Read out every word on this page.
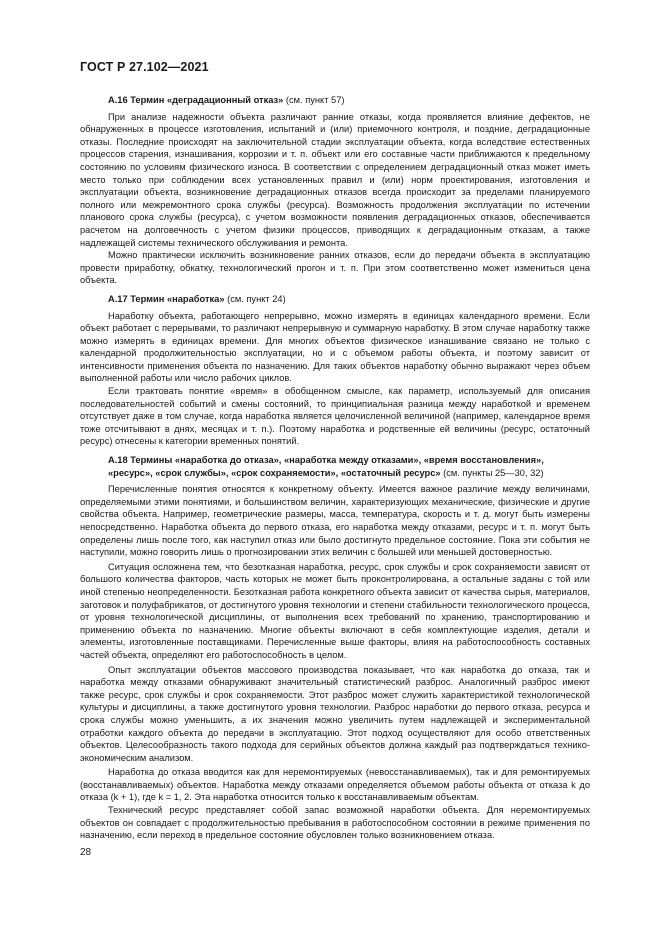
ГОСТ Р 27.102—2021
А.16 Термин «деградационный отказ» (см. пункт 57)

При анализе надежности объекта различают ранние отказы, когда проявляется влияние дефектов, не обнаруженных в процессе изготовления, испытаний и (или) приемочного контроля, и поздние, деградационные отказы. Последние происходят на заключительной стадии эксплуатации объекта, когда вследствие естественных процессов старения, изнашивания, коррозии и т. п. объект или его составные части приближаются к предельному состоянию по условиям физического износа. В соответствии с определением деградационный отказ может иметь место только при соблюдении всех установленных правил и (или) норм проектирования, изготовления и эксплуатации объекта, возникновение деградационных отказов всегда происходит за пределами планируемого полного или межремонтного срока службы (ресурса). Возможность продолжения эксплуатации по истечении планового срока службы (ресурса), с учетом возможности появления деградационных отказов, обеспечивается расчетом на долговечность с учетом физики процессов, приводящих к деградационным отказам, а также надлежащей системы технического обслуживания и ремонта.

Можно практически исключить возникновение ранних отказов, если до передачи объекта в эксплуатацию провести приработку, обкатку, технологический прогон и т. п. При этом соответственно может измениться цена объекта.

А.17 Термин «наработка» (см. пункт 24)

Наработку объекта, работающего непрерывно, можно измерять в единицах календарного времени. Если объект работает с перерывами, то различают непрерывную и суммарную наработку. В этом случае наработку также можно измерять в единицах времени. Для многих объектов физическое изнашивание связано не только с календарной продолжительностью эксплуатации, но и с объемом работы объекта, и поэтому зависит от интенсивности применения объекта по назначению. Для таких объектов наработку обычно выражают через объем выполненной работы или число рабочих циклов.

Если трактовать понятие «время» в обобщенном смысле, как параметр, используемый для описания последовательностей событий и смены состояний, то принципиальная разница между наработкой и временем отсутствует даже в том случае, когда наработка является целочисленной величиной (например, календарное время тоже отсчитывают в днях, месяцах и т. п.). Поэтому наработка и родственные ей величины (ресурс, остаточный ресурс) отнесены к категории временных понятий.

А.18 Термины «наработка до отказа», «наработка между отказами», «время восстановления», «ресурс», «срок службы», «срок сохраняемости», «остаточный ресурс» (см. пункты 25—30, 32)

Перечисленные понятия относятся к конкретному объекту. Имеется важное различие между величинами, определяемыми этими понятиями, и большинством величин, характеризующих механические, физические и другие свойства объекта. Например, геометрические размеры, масса, температура, скорость и т. д. могут быть измерены непосредственно. Наработка объекта до первого отказа, его наработка между отказами, ресурс и т. п. могут быть определены лишь после того, как наступил отказ или было достигнуто предельное состояние. Пока эти события не наступили, можно говорить лишь о прогнозировании этих величин с большей или меньшей достоверностью.

Ситуация осложнена тем, что безотказная наработка, ресурс, срок службы и срок сохраняемости зависят от большого количества факторов, часть которых не может быть проконтролирована, а остальные заданы с той или иной степенью неопределенности. Безотказная работа конкретного объекта зависит от качества сырья, материалов, заготовок и полуфабрикатов, от достигнутого уровня технологии и степени стабильности технологического процесса, от уровня технологической дисциплины, от выполнения всех требований по хранению, транспортированию и применению объекта по назначению. Многие объекты включают в себя комплектующие изделия, детали и элементы, изготовленные поставщиками. Перечисленные выше факторы, влияя на работоспособность составных частей объекта, определяют его работоспособность в целом.

Опыт эксплуатации объектов массового производства показывает, что как наработка до отказа, так и наработка между отказами обнаруживают значительный статистический разброс. Аналогичный разброс имеют также ресурс, срок службы и срок сохраняемости. Этот разброс может служить характеристикой технологической культуры и дисциплины, а также достигнутого уровня технологии. Разброс наработки до первого отказа, ресурса и срока службы можно уменьшить, а их значения можно увеличить путем надлежащей и экспериментальной отработки каждого объекта до передачи в эксплуатацию. Этот подход осуществляют для особо ответственных объектов. Целесообразность такого подхода для серийных объектов должна каждый раз подтверждаться технико-экономическим анализом.

Наработка до отказа вводится как для неремонтируемых (невосстанавливаемых), так и для ремонтируемых (восстанавливаемых) объектов. Наработка между отказами определяется объемом работы объекта от отказа k до отказа (k + 1), где k = 1, 2. Эта наработка относится только к восстанавливаемым объектам.

Технический ресурс представляет собой запас возможной наработки объекта. Для неремонтируемых объектов он совпадает с продолжительностью пребывания в работоспособном состоянии в режиме применения по назначению, если переход в предельное состояние обусловлен только возникновением отказа.

28
